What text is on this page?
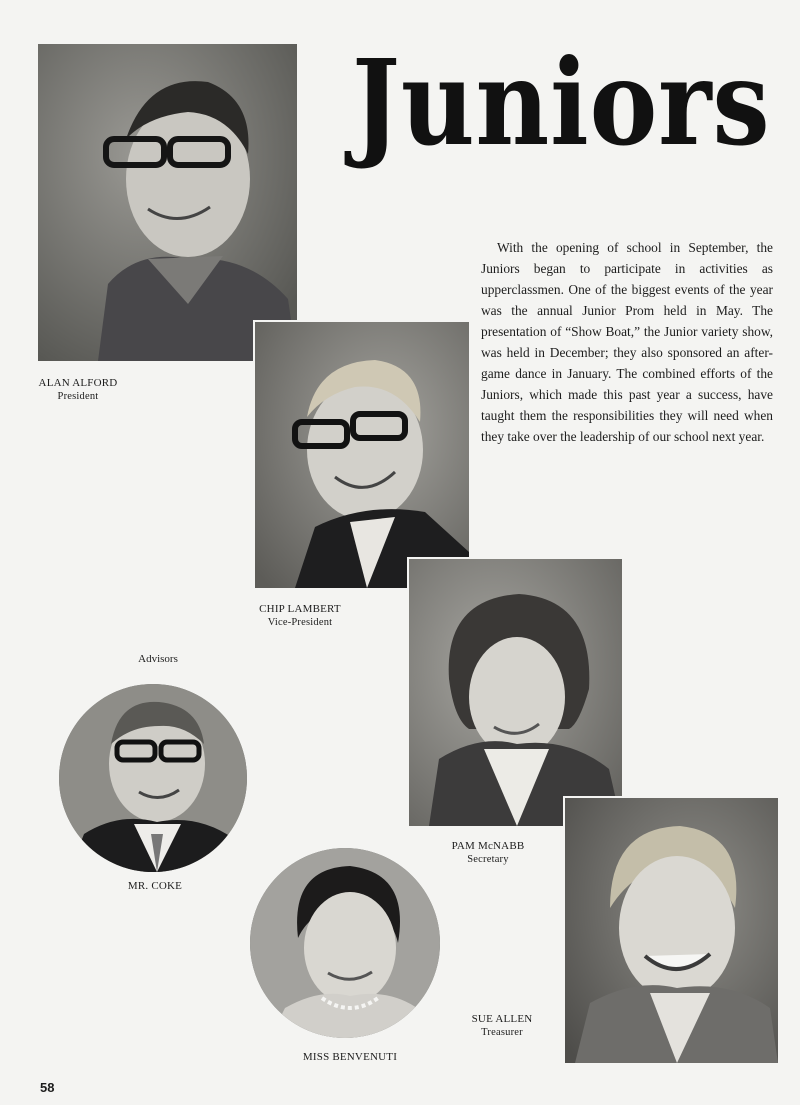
Juniors

With the opening of school in September, the Juniors began to participate in activities as upperclassmen. One of the biggest events of the year was the annual Junior Prom held in May. The presentation of “Show Boat,” the Junior variety show, was held in December; they also sponsored an after-game dance in January. The combined efforts of the Juniors, which made this past year a success, have taught them the responsibilities they will need when they take over the leadership of our school next year.

ALAN ALFORD
President
CHIP LAMBERT
Vice-President
PAM McNABB
Secretary
SUE ALLEN
Treasurer
Advisors
MR. COKE
MISS BENVENUTI
58
